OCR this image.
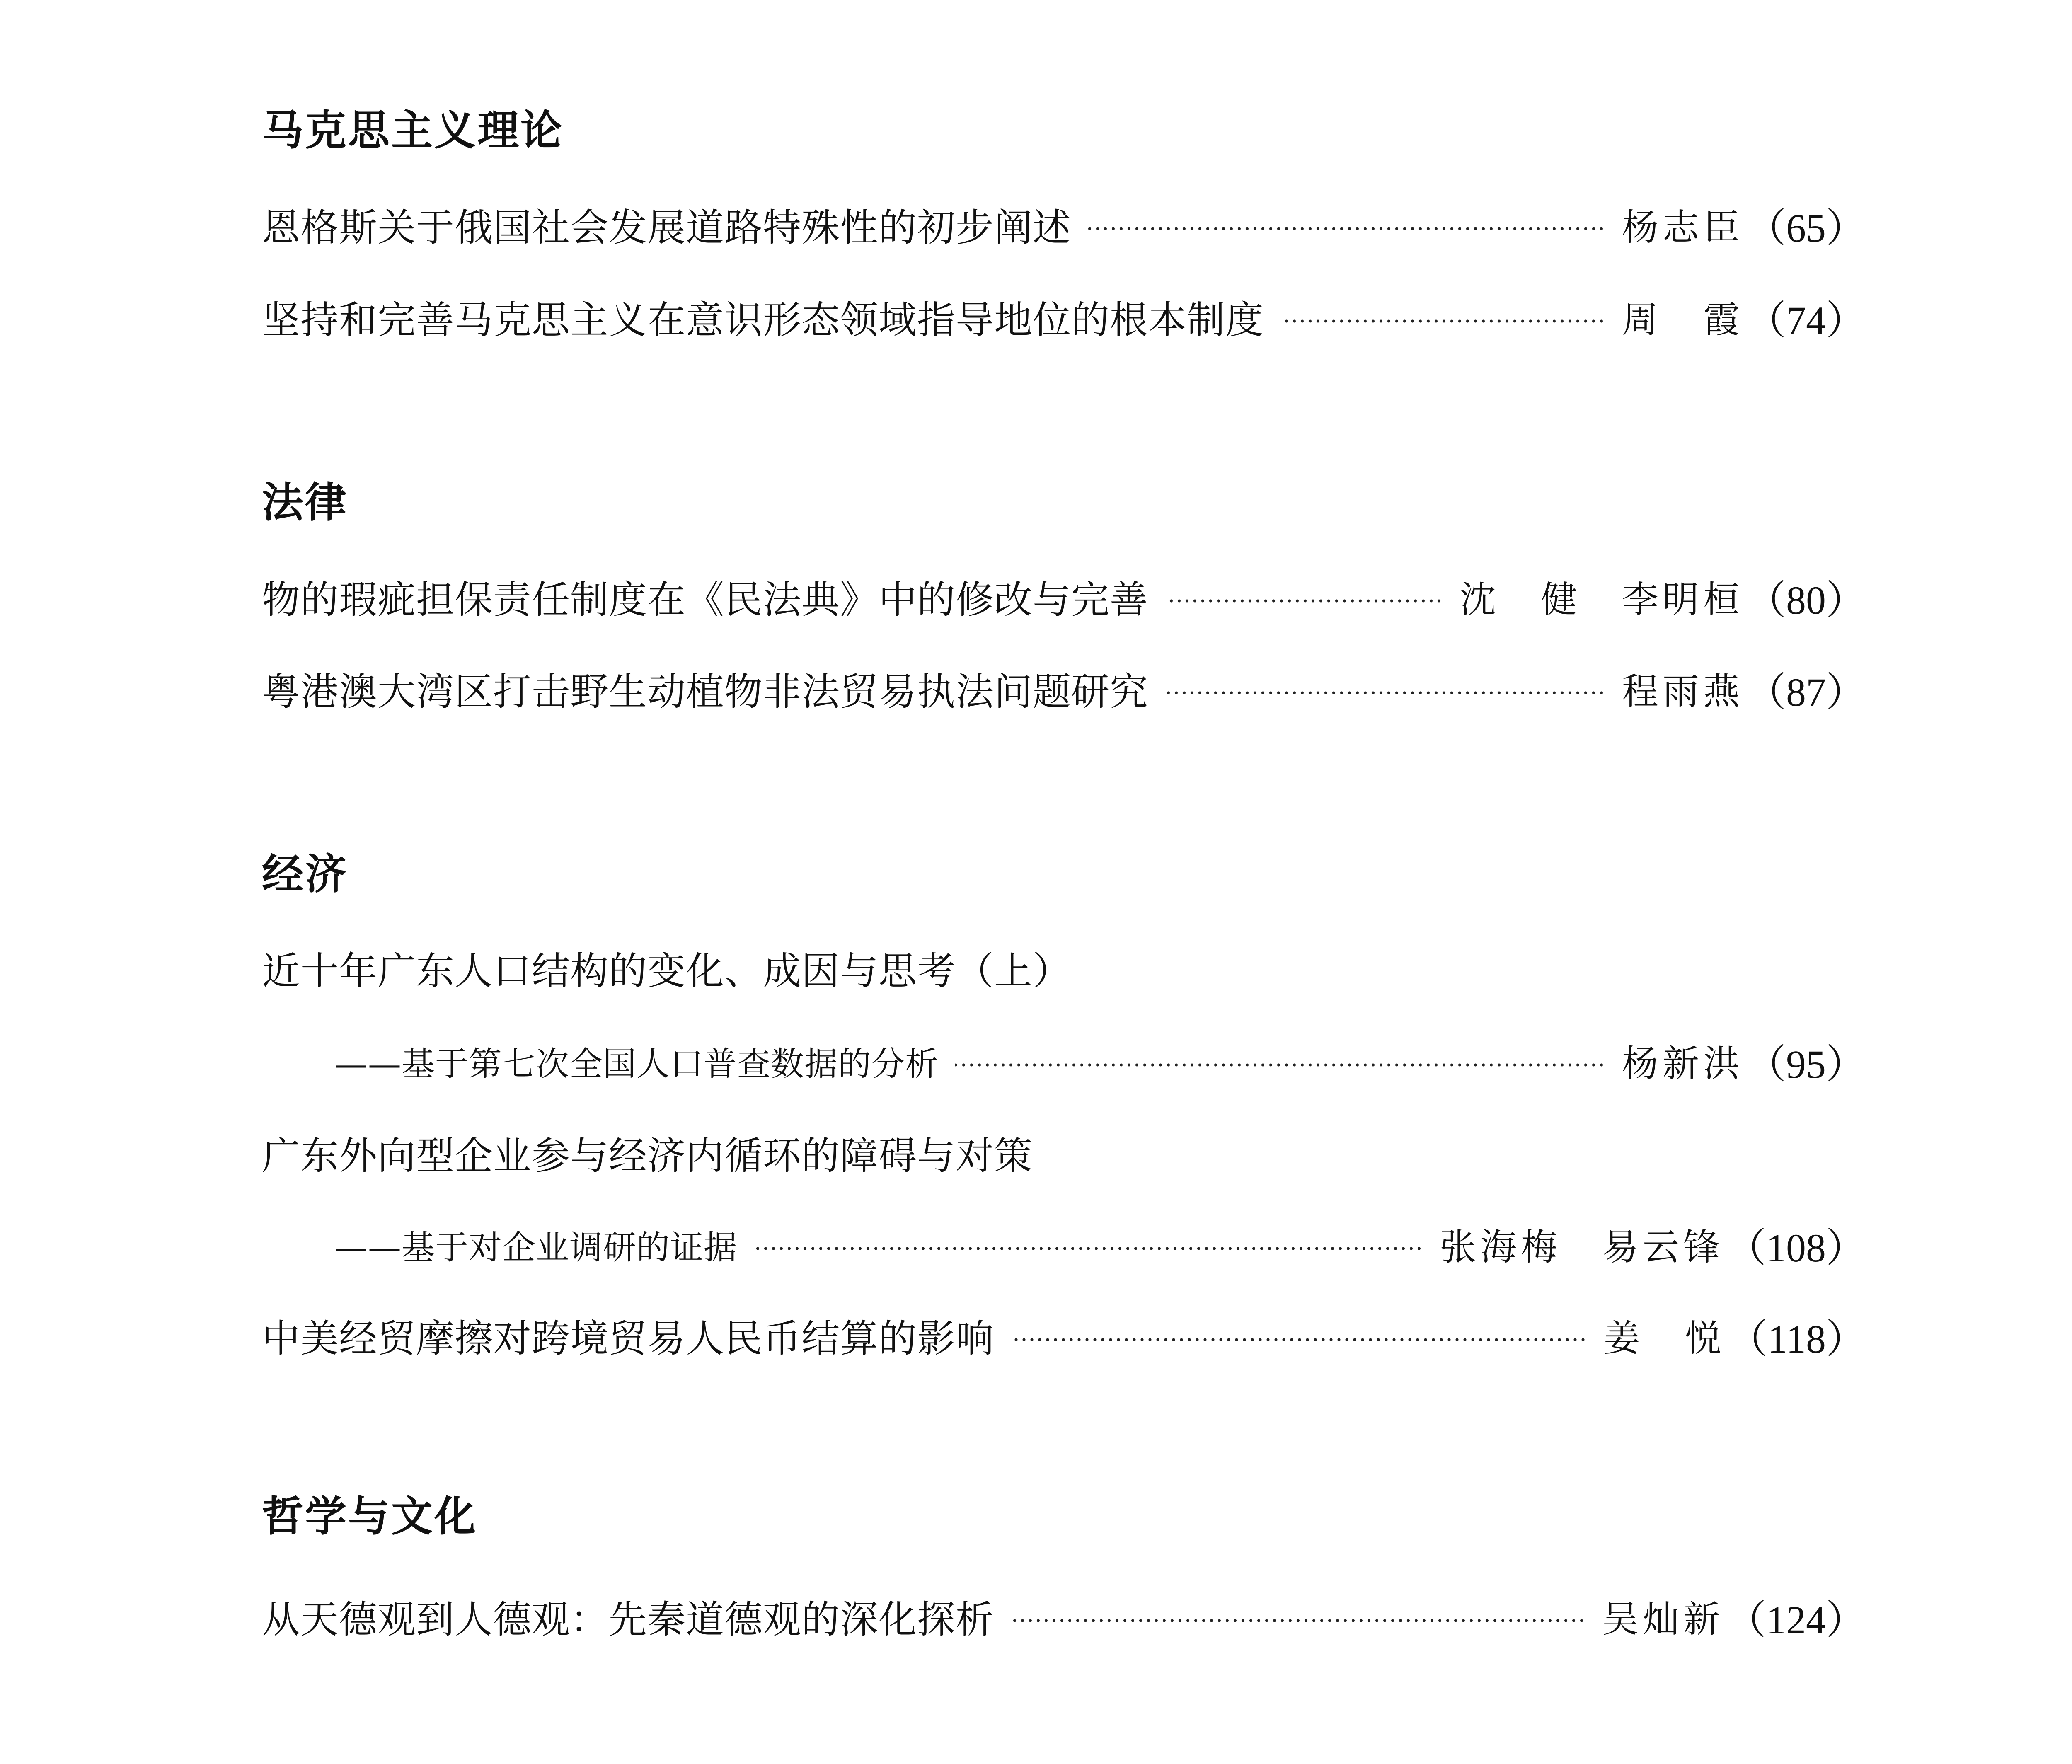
马克思主义理论
恩格斯关于俄国社会发展道路特殊性的初步阐述	杨志臣 （65）
坚持和完善马克思主义在意识形态领域指导地位的根本制度	周　霞 （74）
法律
物的瑕疵担保责任制度在《民法典》中的修改与完善	沈　健　李明桓 （80）
粤港澳大湾区打击野生动植物非法贸易执法问题研究	程雨燕 （87）
经济
近十年广东人口结构的变化、成因与思考（上）
——基于第七次全国人口普查数据的分析	杨新洪 （95）
广东外向型企业参与经济内循环的障碍与对策
——基于对企业调研的证据	张海梅　易云锋 （108）
中美经贸摩擦对跨境贸易人民币结算的影响	姜　悦 （118）
哲学与文化
从天德观到人德观：先秦道德观的深化探析	吴灿新 （124）
